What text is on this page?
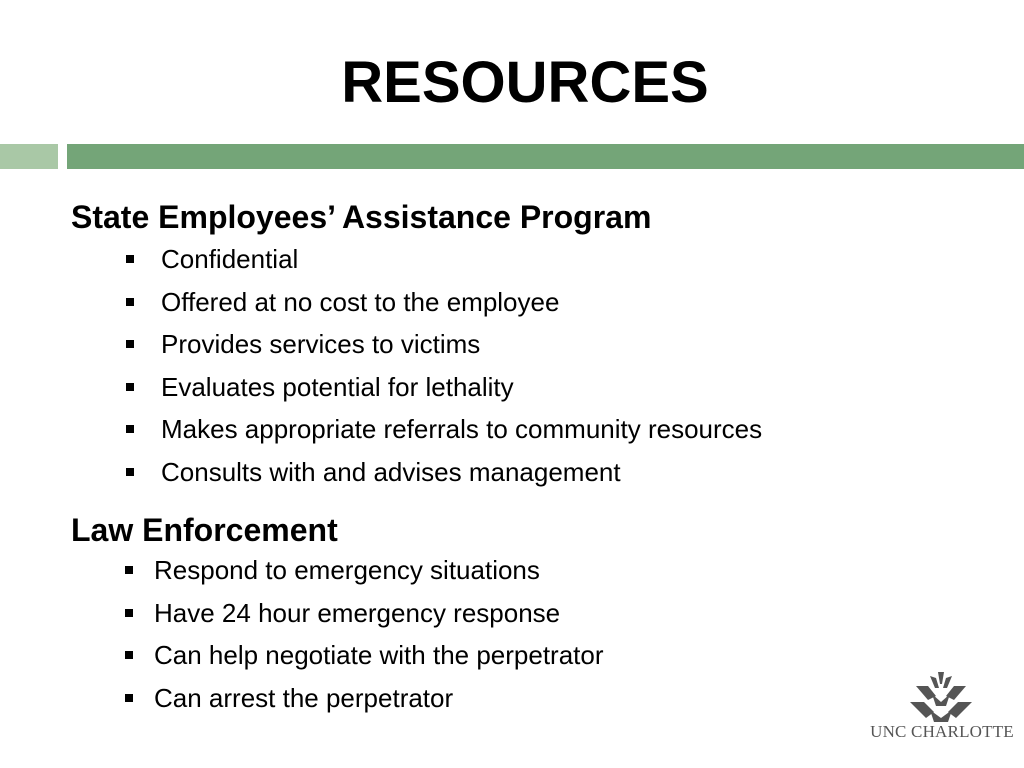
RESOURCES
State Employees’ Assistance Program
Confidential
Offered at no cost to the employee
Provides services to victims
Evaluates potential for lethality
Makes appropriate referrals to community resources
Consults with and advises management
Law Enforcement
Respond to emergency situations
Have 24 hour emergency response
Can help negotiate with the perpetrator
Can arrest the perpetrator
UNC CHARLOTTE
